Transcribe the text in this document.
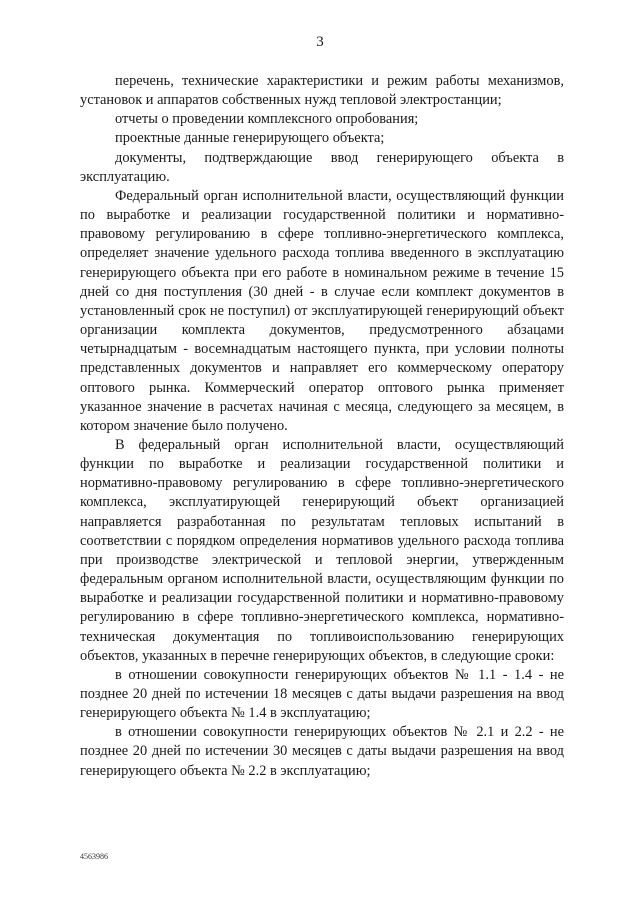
3

перечень, технические характеристики и режим работы механизмов, установок и аппаратов собственных нужд тепловой электростанции;

отчеты о проведении комплексного опробования;

проектные данные генерирующего объекта;

документы, подтверждающие ввод генерирующего объекта в эксплуатацию.

Федеральный орган исполнительной власти, осуществляющий функции по выработке и реализации государственной политики и нормативно-правовому регулированию в сфере топливно-энергетического комплекса, определяет значение удельного расхода топлива введенного в эксплуатацию генерирующего объекта при его работе в номинальном режиме в течение 15 дней со дня поступления (30 дней - в случае если комплект документов в установленный срок не поступил) от эксплуатирующей генерирующий объект организации комплекта документов, предусмотренного абзацами четырнадцатым - восемнадцатым настоящего пункта, при условии полноты представленных документов и направляет его коммерческому оператору оптового рынка. Коммерческий оператор оптового рынка применяет указанное значение в расчетах начиная с месяца, следующего за месяцем, в котором значение было получено.

В федеральный орган исполнительной власти, осуществляющий функции по выработке и реализации государственной политики и нормативно-правовому регулированию в сфере топливно-энергетического комплекса, эксплуатирующей генерирующий объект организацией направляется разработанная по результатам тепловых испытаний в соответствии с порядком определения нормативов удельного расхода топлива при производстве электрической и тепловой энергии, утвержденным федеральным органом исполнительной власти, осуществляющим функции по выработке и реализации государственной политики и нормативно-правовому регулированию в сфере топливно-энергетического комплекса, нормативно-техническая документация по топливоиспользованию генерирующих объектов, указанных в перечне генерирующих объектов, в следующие сроки:

в отношении совокупности генерирующих объектов № 1.1 - 1.4 - не позднее 20 дней по истечении 18 месяцев с даты выдачи разрешения на ввод генерирующего объекта № 1.4 в эксплуатацию;

в отношении совокупности генерирующих объектов № 2.1 и 2.2 - не позднее 20 дней по истечении 30 месяцев с даты выдачи разрешения на ввод генерирующего объекта № 2.2 в эксплуатацию;

4563986
